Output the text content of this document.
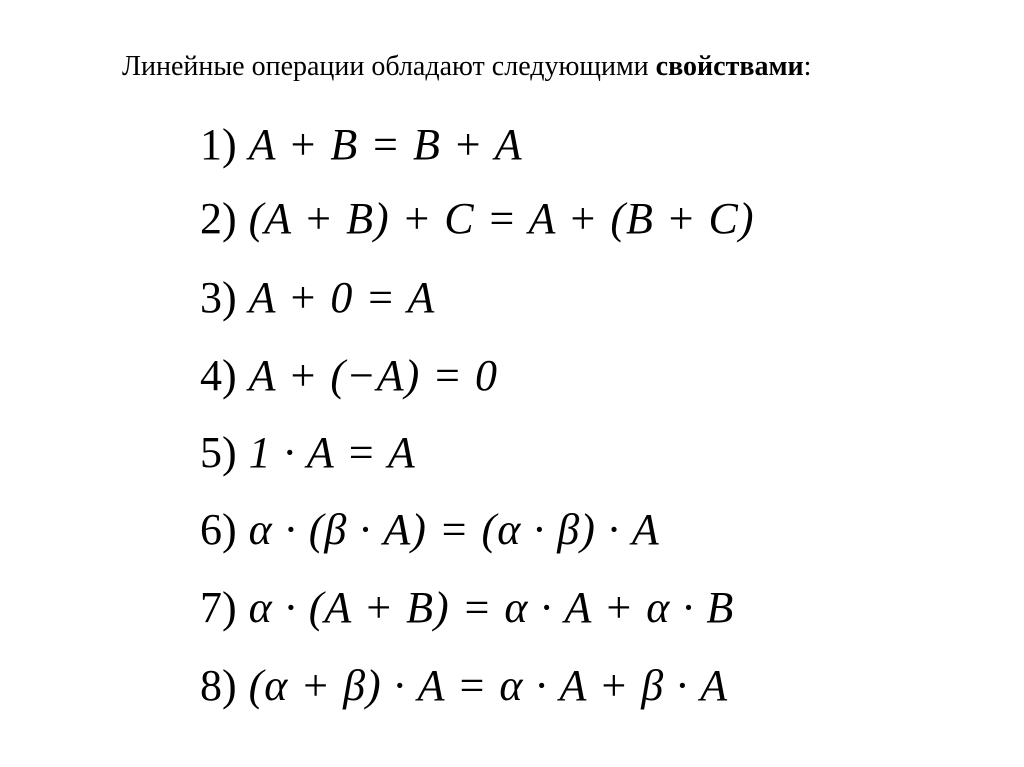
Линейные операции обладают следующими свойствами:
1) A + B = B + A
2) (A + B) + C = A + (B + C)
3) A + 0 = A
4) A + (−A) = 0
5) 1 · A = A
6) α · (β · A) = (α · β) · A
7) α · (A + B) = α · A + α · B
8) (α + β) · A = α · A + β · A
